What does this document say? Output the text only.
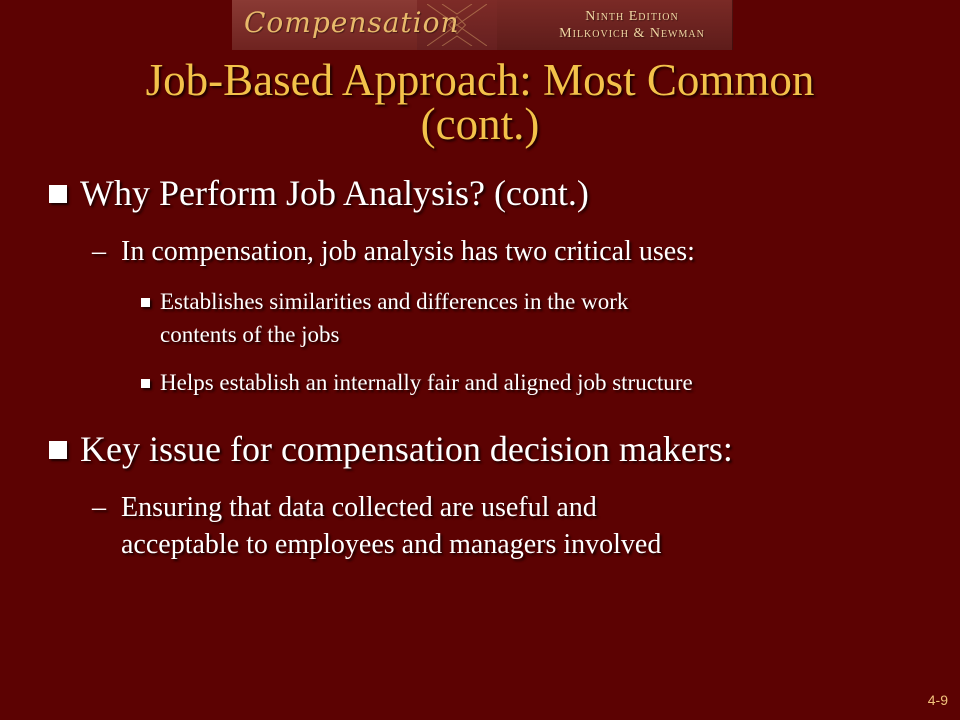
Compensation	Ninth Edition
Milkovich & Newman
Job-Based Approach: Most Common
(cont.)
Why Perform Job Analysis? (cont.)
– In compensation, job analysis has two critical uses:
Establishes similarities and differences in the work
contents of the jobs
Helps establish an internally fair and aligned job structure
Key issue for compensation decision makers:
– Ensuring that data collected are useful and
acceptable to employees and managers involved
4-9
